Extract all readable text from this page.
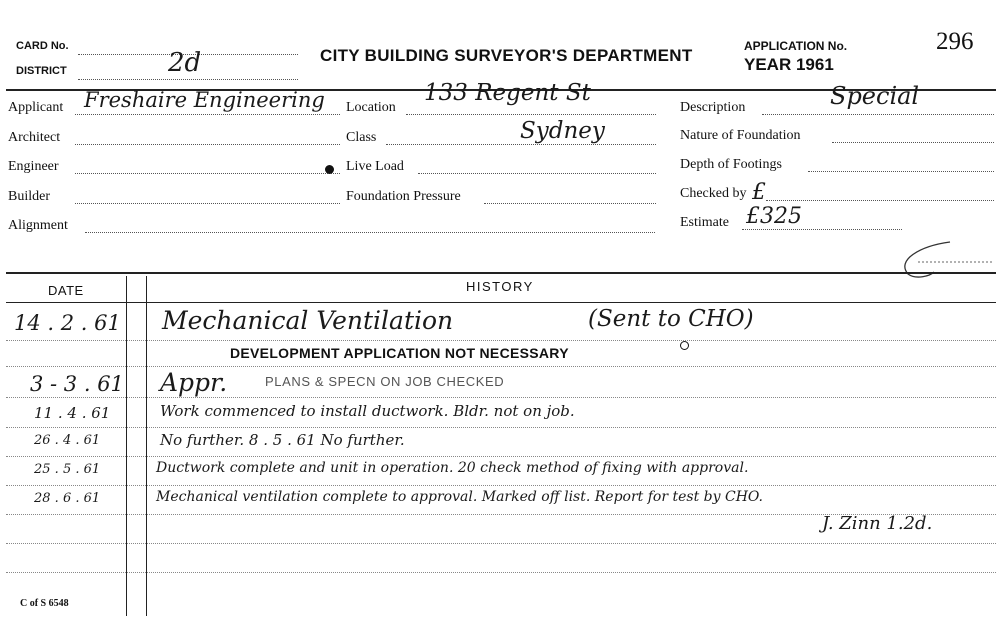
CARD No.
DISTRICT	2d	CITY BUILDING SURVEYOR'S DEPARTMENT	APPLICATION No.
YEAR 1961
296
Applicant Freshaire Engineering
Architect
Engineer
Builder
Alignment
Location
133 Regent St
Class	Sydney
Live Load
Foundation Pressure
Description	Special
Nature of Foundation
Depth of Footings
Checked by £
Estimate £325
DATE	HISTORY
14 . 2 . 61 Mechanical Ventilation	(Sent to CHO)
DEVELOPMENT APPLICATION NOT NECESSARY
3 - 3 . 61 Appr.	PLANS & SPECN ON JOB CHECKED
11 . 4 . 61	Work commenced to install ductwork. Bldr. not on job.
26 . 4 . 61	No further. 8 . 5 . 61 No further.
25 . 5 . 61	Ductwork complete and unit in operation. 20 check method of fixing with approval.
28 . 6 . 61	Mechanical ventilation complete to approval. Marked off list. Report for test by CHO.
J. Zinn 1.2d.
C of S 6548
